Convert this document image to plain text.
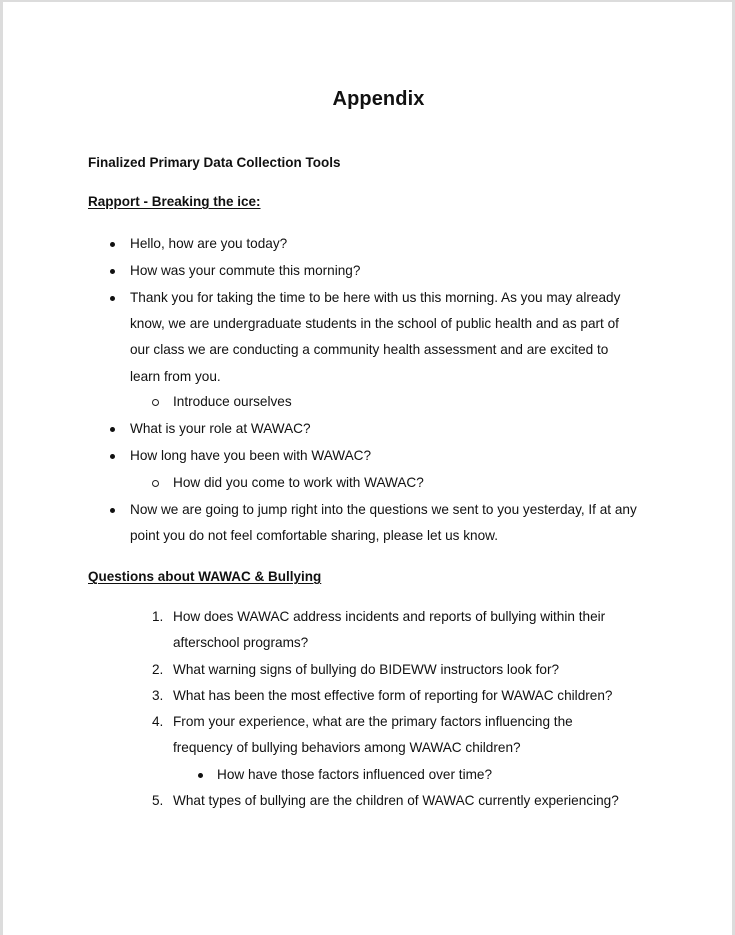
Appendix
Finalized Primary Data Collection Tools
Rapport - Breaking the ice:
Hello, how are you today?
How was your commute this morning?
Thank you for taking the time to be here with us this morning. As you may already
know, we are undergraduate students in the school of public health and as part of
our class we are conducting a community health assessment and are excited to
learn from you.
Introduce ourselves
What is your role at WAWAC?
How long have you been with WAWAC?
How did you come to work with WAWAC?
Now we are going to jump right into the questions we sent to you yesterday, If at any
point you do not feel comfortable sharing, please let us know.
Questions about WAWAC & Bullying
1. How does WAWAC address incidents and reports of bullying within their
afterschool programs?
2. What warning signs of bullying do BIDEWW instructors look for?
3. What has been the most effective form of reporting for WAWAC children?
4. From your experience, what are the primary factors influencing the
frequency of bullying behaviors among WAWAC children?
How have those factors influenced over time?
5. What types of bullying are the children of WAWAC currently experiencing?
